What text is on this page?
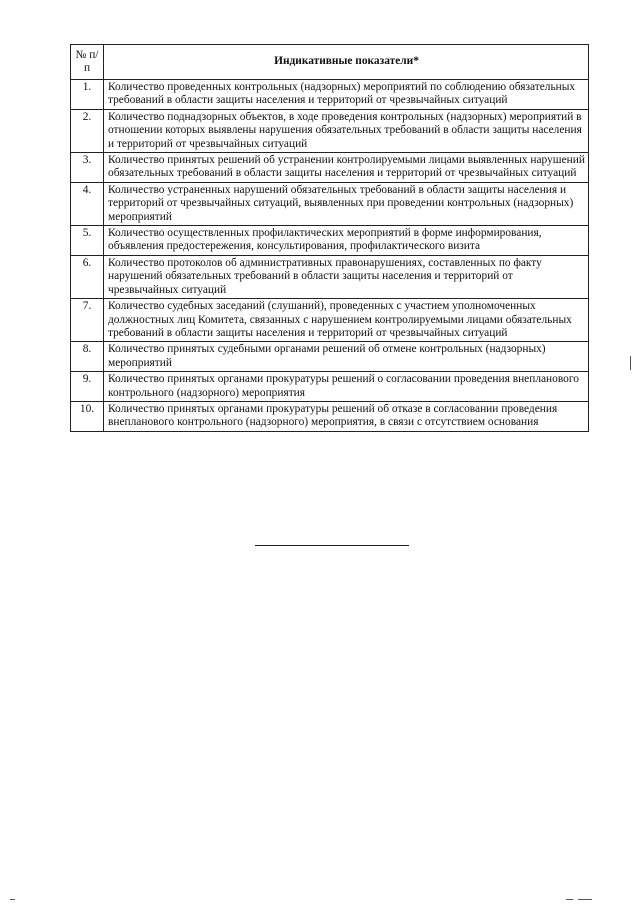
№ п/п	Индикативные показатели*
1.	Количество проведенных контрольных (надзорных) мероприятий по соблюдению обязательных требований в области защиты населения и территорий от чрезвычайных ситуаций
2.	Количество поднадзорных объектов, в ходе проведения контрольных (надзорных) мероприятий в отношении которых выявлены нарушения обязательных требований в области защиты населения и территорий от чрезвычайных ситуаций
3.	Количество принятых решений об устранении контролируемыми лицами выявленных нарушений обязательных требований в области защиты населения и территорий от чрезвычайных ситуаций
4.	Количество устраненных нарушений обязательных требований в области защиты населения и территорий от чрезвычайных ситуаций, выявленных при проведении контрольных (надзорных) мероприятий
5.	Количество осуществленных профилактических мероприятий в форме информирования, объявления предостережения, консультирования, профилактического визита
6.	Количество протоколов об административных правонарушениях, составленных по факту нарушений обязательных требований в области защиты населения и территорий от чрезвычайных ситуаций
7.	Количество судебных заседаний (слушаний), проведенных с участием уполномоченных должностных лиц Комитета, связанных с нарушением контролируемыми лицами обязательных требований в области защиты населения и территорий от чрезвычайных ситуаций
8.	Количество принятых судебными органами решений об отмене контрольных (надзорных) мероприятий
9.	Количество принятых органами прокуратуры решений о согласовании проведения внепланового контрольного (надзорного) мероприятия
10.	Количество принятых органами прокуратуры решений об отказе в согласовании проведения внепланового контрольного (надзорного) мероприятия, в связи с отсутствием основания
